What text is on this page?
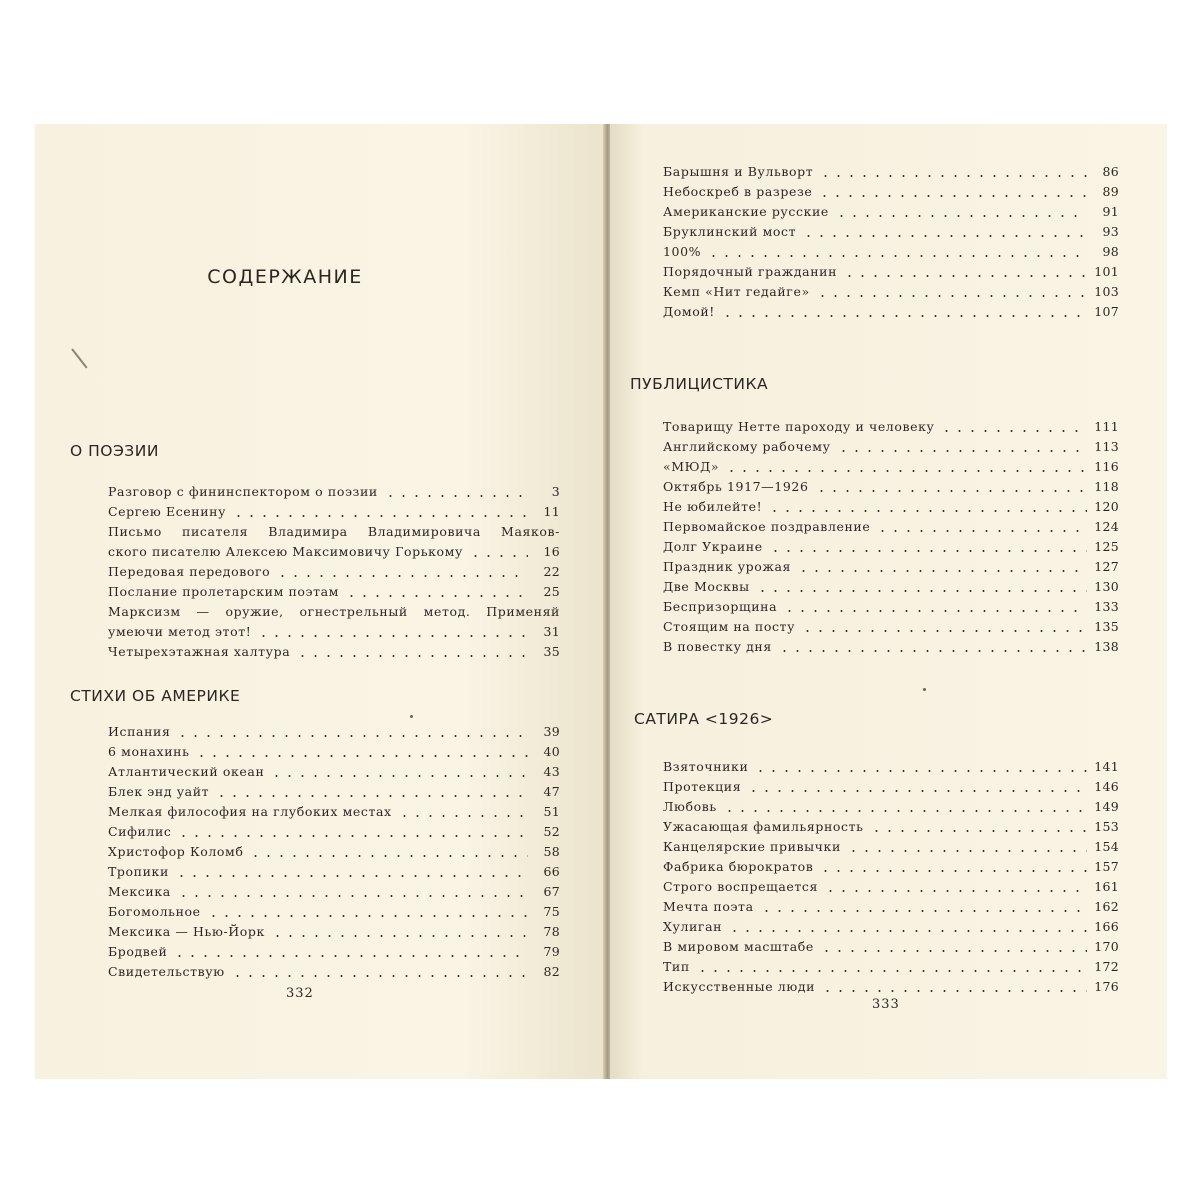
СОДЕРЖАНИЕ
О ПОЭЗИИ
Разговор с фининспектором о поэзии	3
Сергею Есенину	11
Письмо писателя Владимира Владимировича Маяков-
ского писателю Алексею Максимовичу Горькому	16
Передовая передового	22
Послание пролетарским поэтам	25
Марксизм — оружие, огнестрельный метод. Применяй
умеючи метод этот!	31
Четырехэтажная халтура	35
СТИХИ ОБ АМЕРИКЕ
Испания	39
6 монахинь	40
Атлантический океан	43
Блек энд уайт	47
Мелкая философия на глубоких местах	51
Сифилис	52
Христофор Коломб	58
Тропики	66
Мексика	67
Богомольное	75
Мексика — Нью-Йорк	78
Бродвей	79
Свидетельствую	82
Барышня и Вульворт	86
Небоскреб в разрезе	89
Американские русские	91
Бруклинский мост	93
100%	98
Порядочный гражданин	101
Кемп «Нит гедайге»	103
Домой!	107
ПУБЛИЦИСТИКА
Товарищу Нетте пароходу и человеку	111
Английскому рабочему	113
«МЮД»	116
Октябрь 1917—1926	118
Не юбилейте!	120
Первомайское поздравление	124
Долг Украине	125
Праздник урожая	127
Две Москвы	130
Беспризорщина	133
Стоящим на посту	135
В повестку дня	138
САТИРА <1926>
Взяточники	141
Протекция	146
Любовь	149
Ужасающая фамильярность	153
Канцелярские привычки	154
Фабрика бюрократов	157
Строго воспрещается	161
Мечта поэта	162
Хулиган	166
В мировом масштабе	170
Тип	172
Искусственные люди	176
332
333
